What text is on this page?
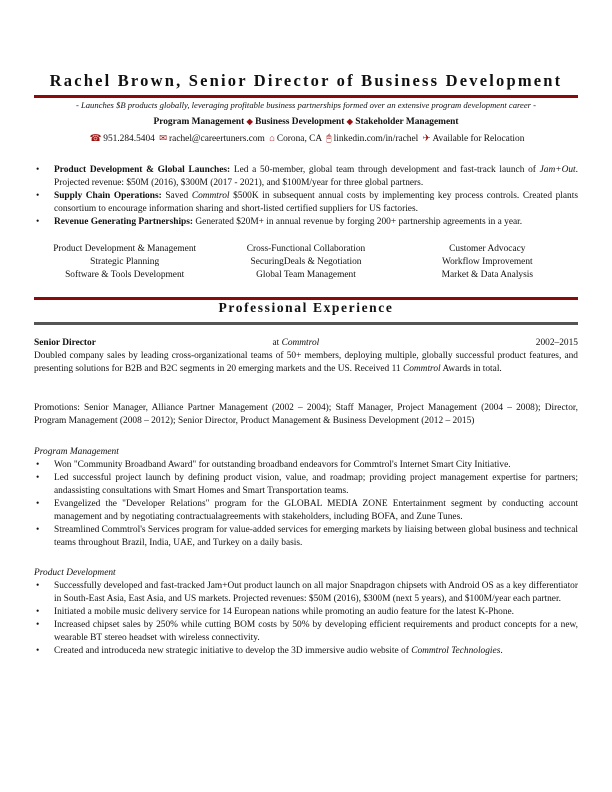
Rachel Brown, Senior Director of Business Development
- Launches $B products globally, leveraging profitable business partnerships formed over an extensive program development career -
Program Management ◆ Business Development ◆ Stakeholder Management
☎ 951.284.5404 ✉ rachel@careertuners.com ⌂ Corona, CA 🖰 linkedin.com/in/rachel ✈ Available for Relocation
• Product Development & Global Launches: Led a 50-member, global team through development and fast-track launch of Jam+Out. Projected revenue: $50M (2016), $300M (2017 - 2021), and $100M/year for three global partners.
• Supply Chain Operations: Saved Commtrol $500K in subsequent annual costs by implementing key process controls. Created plants consortium to encourage information sharing and short-listed certified suppliers for US factories.
• Revenue Generating Partnerships: Generated $20M+ in annual revenue by forging 200+ partnership agreements in a year.
Product Development & Management	Cross-Functional Collaboration	Customer Advocacy
Strategic Planning	SecuringDeals & Negotiation	Workflow Improvement
Software & Tools Development	Global Team Management	Market & Data Analysis
Professional Experience
Senior Director	at Commtrol	2002–2015

Doubled company sales by leading cross-organizational teams of 50+ members, deploying multiple, globally successful product features, and presenting solutions for B2B and B2C segments in 20 emerging markets and the US. Received 11 Commtrol Awards in total.

Promotions: Senior Manager, Alliance Partner Management (2002 – 2004); Staff Manager, Project Management (2004 – 2008); Director, Program Management (2008 – 2012); Senior Director, Product Management & Business Development (2012 – 2015)

Program Management
• Won "Community Broadband Award" for outstanding broadband endeavors for Commtrol's Internet Smart City Initiative.
• Led successful project launch by defining product vision, value, and roadmap; providing project management expertise for partners; andassisting consultations with Smart Homes and Smart Transportation teams.
• Evangelized the "Developer Relations" program for the GLOBAL MEDIA ZONE Entertainment segment by conducting account management and by negotiating contractualagreements with stakeholders, including BOFA, and Zune Tunes.
• Streamlined Commtrol's Services program for value-added services for emerging markets by liaising between global business and technical teams throughout Brazil, India, UAE, and Turkey on a daily basis.
Product Development
• Successfully developed and fast-tracked Jam+Out product launch on all major Snapdragon chipsets with Android OS as a key differentiator in South-East Asia, East Asia, and US markets. Projected revenues: $50M (2016), $300M (next 5 years), and $100M/year each partner.
• Initiated a mobile music delivery service for 14 European nations while promoting an audio feature for the latest K-Phone.
• Increased chipset sales by 250% while cutting BOM costs by 50% by developing efficient requirements and product concepts for a new, wearable BT stereo headset with wireless connectivity.
• Created and introduceda new strategic initiative to develop the 3D immersive audio website of Commtrol Technologies.
